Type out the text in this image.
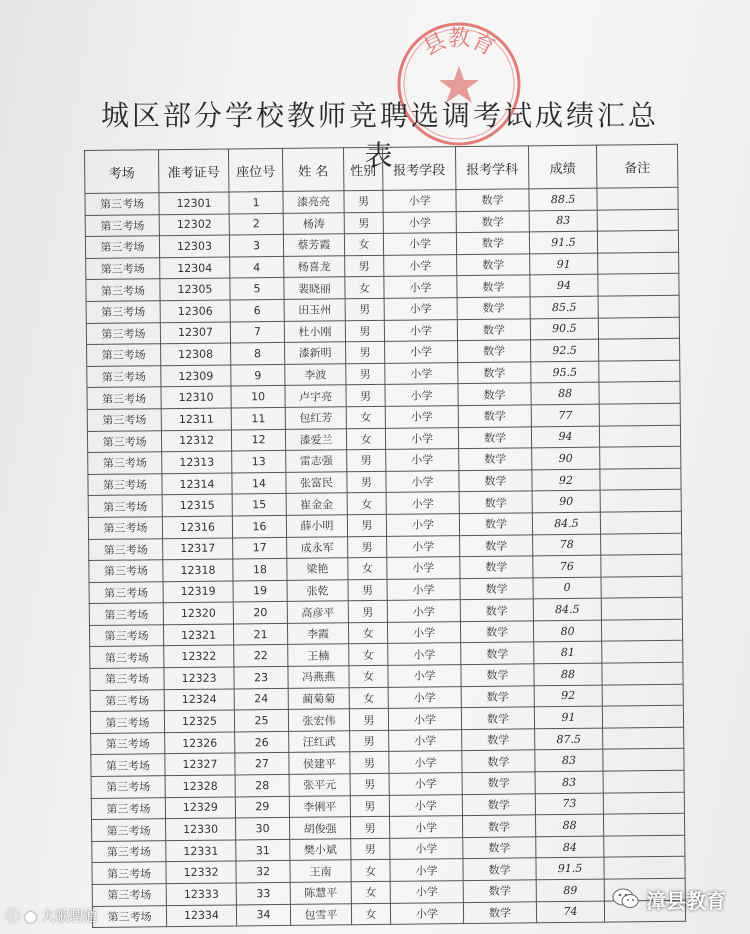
县教育
城区部分学校教师竞聘选调考试成绩汇总表
考场	准考证号	座位号	姓 名	性别	报考学段	报考学科	成绩	备注
第三考场	12301	1	漆亮亮	男	小学	数学	88.5	
第三考场	12302	2	杨涛	男	小学	数学	83	
第三考场	12303	3	蔡芳霞	女	小学	数学	91.5	
第三考场	12304	4	杨喜龙	男	小学	数学	91	
第三考场	12305	5	裴晓丽	女	小学	数学	94	
第三考场	12306	6	田玉州	男	小学	数学	85.5	
第三考场	12307	7	杜小刚	男	小学	数学	90.5	
第三考场	12308	8	漆新明	男	小学	数学	92.5	
第三考场	12309	9	李波	男	小学	数学	95.5	
第三考场	12310	10	卢宇亮	男	小学	数学	88	
第三考场	12311	11	包红芳	女	小学	数学	77	
第三考场	12312	12	漆爱兰	女	小学	数学	94	
第三考场	12313	13	雷志强	男	小学	数学	90	
第三考场	12314	14	张富民	男	小学	数学	92	
第三考场	12315	15	崔金金	女	小学	数学	90	
第三考场	12316	16	薛小明	男	小学	数学	84.5	
第三考场	12317	17	成永军	男	小学	数学	78	
第三考场	12318	18	梁艳	女	小学	数学	76	
第三考场	12319	19	张乾	男	小学	数学	0	
第三考场	12320	20	高彦平	男	小学	数学	84.5	
第三考场	12321	21	李霞	女	小学	数学	80	
第三考场	12322	22	王楠	女	小学	数学	81	
第三考场	12323	23	冯燕燕	女	小学	数学	88	
第三考场	12324	24	蔺菊菊	女	小学	数学	92	
第三考场	12325	25	张宏伟	男	小学	数学	91	
第三考场	12326	26	汪红武	男	小学	数学	87.5	
第三考场	12327	27	侯建平	男	小学	数学	83	
第三考场	12328	28	张平元	男	小学	数学	83	
第三考场	12329	29	李俐平	男	小学	数学	73	
第三考场	12330	30	胡俊强	男	小学	数学	88	
第三考场	12331	31	樊小斌	男	小学	数学	84	
第三考场	12332	32	王南	女	小学	数学	91.5	
第三考场	12333	33	陈慧平	女	小学	数学	89	
第三考场	12334	34	包雪平	女	小学	数学	74	
ⓒ ● 大歌聘通
漳县教育
